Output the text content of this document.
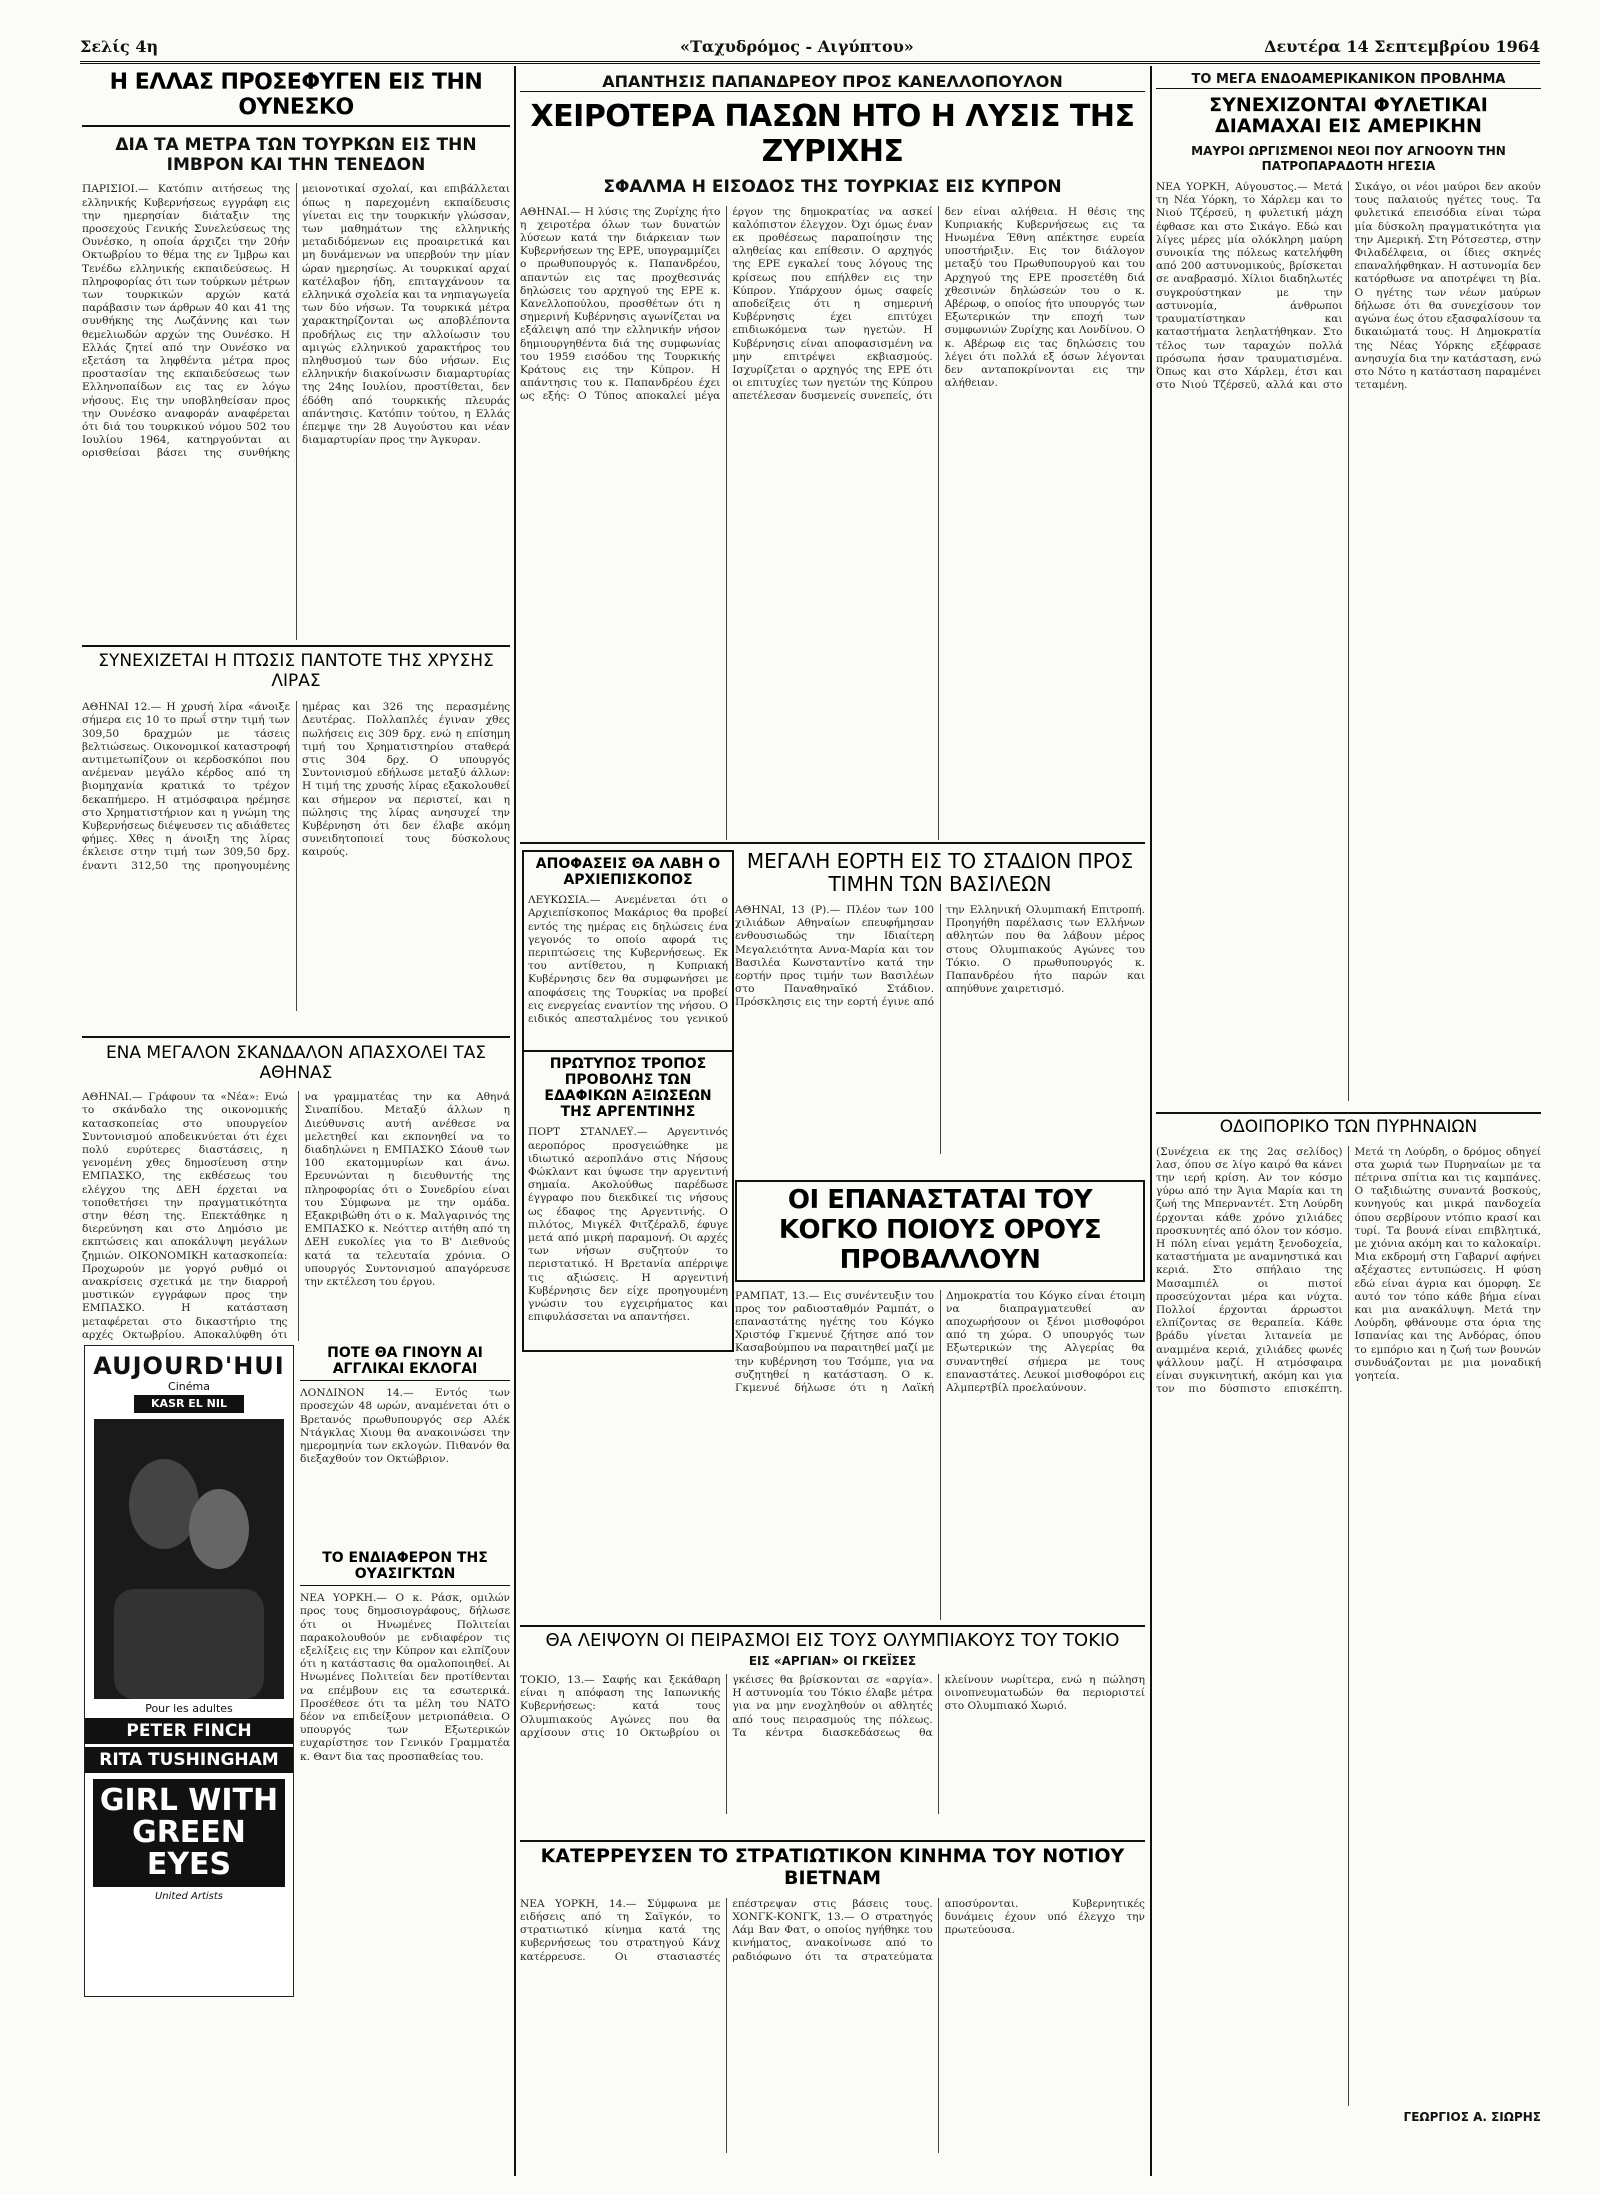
Σελίς 4η	«Ταχυδρόμος - Αιγύπτου»	Δευτέρα 14 Σεπτεμβρίου 1964
Η ΕΛΛΑΣ ΠΡΟΣΕΦΥΓΕΝ ΕΙΣ ΤΗΝ ΟΥΝΕΣΚΟ
ΔΙΑ ΤΑ ΜΕΤΡΑ ΤΩΝ ΤΟΥΡΚΩΝ ΕΙΣ ΤΗΝ ΙΜΒΡΟΝ ΚΑΙ ΤΗΝ ΤΕΝΕΔΟΝ

ΠΑΡΙΣΙΟΙ.— Κατόπιν αιτήσεως της ελληνικής Κυβερνήσεως εγγράφη εις την ημερησίαν διάταξιν της προσεχούς Γενικής Συνελεύσεως της Ουνέσκο, η οποία άρχιζει την 20ήν Οκτωβρίου το θέμα της εν Ίμβρω και Τενέδω ελληνικής εκπαιδεύσεως. Η πληροφορίας ότι των τούρκων μέτρων των τουρκικών αρχών κατά παράβασιν των άρθρων 40 και 41 της συνθήκης της Λωζάννης και των θεμελιωδών αρχών της Ουνέσκο. Η Ελλάς ζητεί από την Ουνέσκο να εξετάση τα ληφθέντα μέτρα προς προστασίαν της εκπαιδεύσεως των Ελληνοπαίδων εις τας εν λόγω νήσους. Εις την υποβληθείσαν προς την Ουνέσκο αναφοράν αναφέρεται ότι διά του τουρκικού νόμου 502 του Ιουλίου 1964, κατηργούνται αι ορισθείσαι βάσει της συνθήκης μειονοτικαί σχολαί, και επιβάλλεται όπως η παρεχομένη εκπαίδευσις γίνεται εις την τουρκικήν γλώσσαν, των μαθημάτων της ελληνικής μεταδιδόμενων εις προαιρετικά και μη δυνάμενων να υπερβούν την μίαν ώραν ημερησίως. Αι τουρκικαί αρχαί κατέλαβον ήδη, επιταγχάνουν τα ελληνικά σχολεία και τα νηπιαγωγεία των δύο νήσων. Τα τουρκικά μέτρα χαρακτηρίζονται ως αποβλέποντα προδήλως εις την αλλοίωσιν του αμιγώς ελληνικού χαρακτήρος του πληθυσμού των δύο νήσων. Εις ελληνικήν διακοίνωσιν διαμαρτυρίας της 24ης Ιουλίου, προστίθεται, δεν έδόθη από τουρκικής πλευράς απάντησις. Κατόπιν τούτου, η Ελλάς έπεμψε την 28 Αυγούστου και νέαν διαμαρτυρίαν προς την Άγκυραν.

ΣΥΝΕΧΙΖΕΤΑΙ Η ΠΤΩΣΙΣ ΠΑΝΤΟΤΕ ΤΗΣ ΧΡΥΣΗΣ ΛΙΡΑΣ

ΑΘΗΝΑΙ 12.— Η χρυσή λίρα «άνοιξε σήμερα εις 10 το πρωΐ στην τιμή των 309,50 δραχμών με τάσεις βελτιώσεως. Οικονομικοί καταστροφή αντιμετωπίζουν οι κερδοσκόποι που ανέμεναν μεγάλο κέρδος από τη βιομηχανία κρατικά το τρέχον δεκαπήμερο. Η ατμόσφαιρα ηρέμησε στο Χρηματιστήριον και η γνώμη της Κυβερνήσεως διέψευσεν τις αδιάθετες φήμες. Χθες η άνοιξη της λίρας έκλεισε στην τιμή των 309,50 δρχ. έναντι 312,50 της προηγουμένης ημέρας και 326 της περασμένης Δευτέρας. Πολλαπλές έγιναν χθες πωλήσεις εις 309 δρχ. ενώ η επίσημη τιμή του Χρηματιστηρίου σταθερά στις 304 δρχ. Ο υπουργός Συντονισμού εδήλωσε μεταξύ άλλων: Η τιμή της χρυσής λίρας εξακολουθεί και σήμερον να περιστεί, και η πώλησις της λίρας ανησυχεί την Κυβέρνηση ότι δεν έλαβε ακόμη συνειδητοποιεί τους δύσκολους καιρούς.

ΕΝΑ ΜΕΓΑΛΟΝ ΣΚΑΝΔΑΛΟΝ ΑΠΑΣΧΟΛΕΙ ΤΑΣ ΑΘΗΝΑΣ

ΑΘΗΝΑΙ.— Γράφουν τα «Νέα»: Ενώ το σκάνδαλο της οικονομικής κατασκοπείας στο υπουργείον Συντονισμού αποδεικνύεται ότι έχει πολύ ευρύτερες διαστάσεις, η γενομένη χθες δημοσίευση στην ΕΜΠΑΣΚΟ, της εκθέσεως του ελέγχου της ΔΕΗ έρχεται να τοποθετήσει την πραγματικότητα στην θέση της. Επεκτάθηκε η διερεύνηση και στο Δημόσιο με εκπτώσεις και αποκάλυψη μεγάλων ζημιών. ΟΙΚΟΝΟΜΙΚΗ κατασκοπεία: Προχωρούν με γοργό ρυθμό οι ανακρίσεις σχετικά με την διαρροή μυστικών εγγράφων προς την ΕΜΠΑΣΚΟ. Η κατάσταση μεταφέρεται στο δικαστήριο της αρχές Οκτωβρίου. Αποκαλύφθη ότι

να γραμματέας την κα Αθηνά Σιναπίδου. Μεταξύ άλλων η Διεύθυνσις αυτή ανέθεσε να μελετηθεί και εκπονηθεί να το διαδηλώνει η ΕΜΠΑΣΚΟ Σάουθ των 100 εκατομμυρίων και άνω. Ερευνώνται η διευθυντής της πληροφορίας ότι ο Συνεδρίου είναι του Σύμφωνα με την ομάδα. Εξακριβώθη ότι ο κ. Μαλγαρινός της ΕΜΠΑΣΚΟ κ. Νεόττερ αιτήθη από τη ΔΕΗ ευκολίες για το Β' Διεθνούς κατά τα τελευταία χρόνια. Ο υπουργός Συντονισμού απαγόρευσε την εκτέλεση του έργου.

AUJOURD'HUI
Cinéma
KASR EL NIL
Pour les adultes
PETER FINCH
RITA TUSHINGHAM
GIRL WITH GREEN EYES
United Artists
ΠΟΤΕ ΘΑ ΓΙΝΟΥΝ ΑΙ ΑΓΓΛΙΚΑΙ ΕΚΛΟΓΑΙ

ΛΟΝΔΙΝΟΝ 14.— Εντός των προσεχών 48 ωρών, αναμένεται ότι ο Βρετανός πρωθυπουργός σερ Αλέκ Ντάγκλας Χιουμ θα ανακοινώσει την ημερομηνία των εκλογών. Πιθανόν θα διεξαχθούν τον Οκτώβριον.

ΤΟ ΕΝΔΙΑΦΕΡΟΝ ΤΗΣ ΟΥΑΣΙΓΚΤΩΝ

ΝΕΑ ΥΟΡΚΗ.— Ο κ. Ράσκ, ομιλών προς τους δημοσιογράφους, δήλωσε ότι οι Ηνωμένες Πολιτείαι παρακολουθούν με ενδιαφέρον τις εξελίξεις εις την Κύπρον και ελπίζουν ότι η κατάστασις θα ομαλοποιηθεί. Αι Ηνωμένες Πολιτείαι δεν προτίθενται να επέμβουν εις τα εσωτερικά. Προσέθεσε ότι τα μέλη του ΝΑΤΟ δέον να επιδείξουν μετριοπάθεια. Ο υπουργός των Εξωτερικών ευχαρίστησε τον Γενικόν Γραμματέα κ. Θαντ δια τας προσπαθείας του.

ΑΠΑΝΤΗΣΙΣ ΠΑΠΑΝΔΡΕΟΥ ΠΡΟΣ ΚΑΝΕΛΛΟΠΟΥΛΟΝ
ΧΕΙΡΟΤΕΡΑ ΠΑΣΩΝ ΗΤΟ Η ΛΥΣΙΣ ΤΗΣ ΖΥΡΙΧΗΣ
ΣΦΑΛΜΑ Η ΕΙΣΟΔΟΣ ΤΗΣ ΤΟΥΡΚΙΑΣ ΕΙΣ ΚΥΠΡΟΝ

ΑΘΗΝΑΙ.— Η λύσις της Ζυρίχης ήτο η χειροτέρα όλων των δυνατών λύσεων κατά την διάρκειαν των Κυβερνήσεων της ΕΡΕ, υπογραμμίζει ο πρωθυπουργός κ. Παπανδρέου, απαντών εις τας προχθεσινάς δηλώσεις του αρχηγού της ΕΡΕ κ. Κανελλοπούλου, προσθέτων ότι η σημερινή Κυβέρνησις αγωνίζεται να εξάλειψη από την ελληνικήν νήσον δημιουργηθέντα διά της συμφωνίας του 1959 εισόδου της Τουρκικής Κράτους εις την Κύπρον. Η απάντησις του κ. Παπανδρέου έχει ως εξής: Ο Τύπος αποκαλεί μέγα έργον της δημοκρατίας να ασκεί καλόπιστον έλεγχον. Όχι όμως έναν εκ προθέσεως παραποίησιν της αληθείας και επίθεσιν. Ο αρχηγός της ΕΡΕ εγκαλεί τους λόγους της κρίσεως που επήλθεν εις την Κύπρον. Υπάρχουν όμως σαφείς αποδείξεις ότι η σημερινή Κυβέρνησις έχει επιτύχει επιδιωκόμενα των ηγετών. Η Κυβέρνησις είναι αποφασισμένη να μην επιτρέψει εκβιασμούς. Ισχυρίζεται ο αρχηγός της ΕΡΕ ότι οι επιτυχίες των ηγετών της Κύπρου απετέλεσαν δυσμενείς συνεπείς, ότι δεν είναι αλήθεια. Η θέσις της Κυπριακής Κυβερνήσεως εις τα Ηνωμένα Έθνη απέκτησε ευρεία υποστήριξιν. Εις τον διάλογον μεταξύ του Πρωθυπουργού και του Αρχηγού της ΕΡΕ προσετέθη διά χθεσινών δηλώσεών του ο κ. Αβέρωφ, ο οποίος ήτο υπουργός των Εξωτερικών την εποχή των συμφωνιών Ζυρίχης και Λονδίνου. Ο κ. Αβέρωφ εις τας δηλώσεις του λέγει ότι πολλά εξ όσων λέγονται δεν ανταποκρίνονται εις την αλήθειαν.

ΑΠΟΦΑΣΕΙΣ ΘΑ ΛΑΒΗ Ο ΑΡΧΙΕΠΙΣΚΟΠΟΣ

ΛΕΥΚΩΣΙΑ.— Ανεμένεται ότι ο Αρχιεπίσκοπος Μακάριος θα προβεί εντός της ημέρας εις δηλώσεις ένα γεγονός το οποίο αφορά τις περιπτώσεις της Κυβερνήσεως. Εκ του αντίθετου, η Κυπριακή Κυβέρνησις δεν θα συμφωνήσει με αποφάσεις της Τουρκίας να προβεί εις ενεργείας εναντίον της νήσου. Ο ειδικός απεσταλμένος του γενικού

ΠΡΩΤΥΠΟΣ ΤΡΟΠΟΣ ΠΡΟΒΟΛΗΣ ΤΩΝ ΕΔΑΦΙΚΩΝ ΑΞΙΩΣΕΩΝ ΤΗΣ ΑΡΓΕΝΤΙΝΗΣ

ΠΟΡΤ ΣΤΑΝΛΕΫ.— Αργεντινός αεροπόρος προσγειώθηκε με ιδιωτικό αεροπλάνο στις Νήσους Φώκλαντ και ύψωσε την αργεντινή σημαία. Ακολούθως παρέδωσε έγγραφο που διεκδικεί τις νήσους ως έδαφος της Αργεντινής. Ο πιλότος, Μιγκέλ Φιτζέραλδ, έφυγε μετά από μικρή παραμονή. Οι αρχές των νήσων συζητούν το περιστατικό. Η Βρετανία απέρριψε τις αξιώσεις. Η αργεντινή Κυβέρνησις δεν είχε προηγουμένη γνώσιν του εγχειρήματος και επιφυλάσσεται να απαντήσει.

ΜΕΓΑΛΗ ΕΟΡΤΗ ΕΙΣ ΤΟ ΣΤΑΔΙΟΝ ΠΡΟΣ ΤΙΜΗΝ ΤΩΝ ΒΑΣΙΛΕΩΝ

ΑΘΗΝΑΙ, 13 (Ρ).— Πλέον των 100 χιλιάδων Αθηναίων επευφήμησαν ενθουσιωδώς την Ιδιαίτερη Μεγαλειότητα Αννα-Μαρία και τον Βασιλέα Κωνσταντίνο κατά την εορτήν προς τιμήν των Βασιλέων στο Παναθηναϊκό Στάδιον. Πρόσκλησις εις την εορτή έγινε από την Ελληνική Ολυμπιακή Επιτροπή. Προηγήθη παρέλασις των Ελλήνων αθλητών που θα λάβουν μέρος στους Ολυμπιακούς Αγώνες του Τόκιο. Ο πρωθυπουργός κ. Παπανδρέου ήτο παρών και απηύθυνε χαιρετισμό.

ΟΙ ΕΠΑΝΑΣΤΑΤΑΙ ΤΟΥ ΚΟΓΚΟ ΠΟΙΟΥΣ ΟΡΟΥΣ ΠΡΟΒΑΛΛΟΥΝ

ΡΑΜΠΑΤ, 13.— Εις συνέντευξιν του προς τον ραδιοσταθμόν Ραμπάτ, ο επαναστάτης ηγέτης του Κόγκο Χριστόφ Γκμενυέ ζήτησε από τον Κασαβούμπου να παραιτηθεί μαζί με την κυβέρνηση του Τσόμπε, για να συζητηθεί η κατάσταση. Ο κ. Γκμενυέ δήλωσε ότι η Λαϊκή Δημοκρατία του Κόγκο είναι έτοιμη να διαπραγματευθεί αν αποχωρήσουν οι ξένοι μισθοφόροι από τη χώρα. Ο υπουργός των Εξωτερικών της Αλγερίας θα συναντηθεί σήμερα με τους επαναστάτες. Λευκοί μισθοφόροι εις Αλμπερτβίλ προελαύνουν.

ΘΑ ΛΕΙΨΟΥΝ ΟΙ ΠΕΙΡΑΣΜΟΙ ΕΙΣ ΤΟΥΣ ΟΛΥΜΠΙΑΚΟΥΣ ΤΟΥ ΤΟΚΙΟ
ΕΙΣ «ΑΡΓΙΑΝ» ΟΙ ΓΚΕΪΣΕΣ

ΤΟΚΙΟ, 13.— Σαφής και ξεκάθαρη είναι η απόφαση της Ιαπωνικής Κυβερνήσεως: κατά τους Ολυμπιακούς Αγώνες που θα αρχίσουν στις 10 Οκτωβρίου οι γκέισες θα βρίσκονται σε «αργία». Η αστυνομία του Τόκιο έλαβε μέτρα για να μην ενοχληθούν οι αθλητές από τους πειρασμούς της πόλεως. Τα κέντρα διασκεδάσεως θα κλείνουν νωρίτερα, ενώ η πώληση οινοπνευματωδών θα περιοριστεί στο Ολυμπιακό Χωριό.

ΚΑΤΕΡΡΕΥΣΕΝ ΤΟ ΣΤΡΑΤΙΩΤΙΚΟΝ ΚΙΝΗΜΑ ΤΟΥ ΝΟΤΙΟΥ ΒΙΕΤΝΑΜ

ΝΕΑ ΥΟΡΚΗ, 14.— Σύμφωνα με ειδήσεις από τη Σαϊγκόν, το στρατιωτικό κίνημα κατά της κυβερνήσεως του στρατηγού Κάνχ κατέρρευσε. Οι στασιαστές επέστρεψαν στις βάσεις τους. ΧΟΝΓΚ-ΚΟΝΓΚ, 13.— Ο στρατηγός Λάμ Βαν Φατ, ο οποίος ηγήθηκε του κινήματος, ανακοίνωσε από το ραδιόφωνο ότι τα στρατεύματα αποσύρονται. Κυβερνητικές δυνάμεις έχουν υπό έλεγχο την πρωτεύουσα.

ΤΟ ΜΕΓΑ ΕΝΔΟΑΜΕΡΙΚΑΝΙΚΟΝ ΠΡΟΒΛΗΜΑ
ΣΥΝΕΧΙΖΟΝΤΑΙ ΦΥΛΕΤΙΚΑΙ ΔΙΑΜΑΧΑΙ ΕΙΣ ΑΜΕΡΙΚΗΝ
ΜΑΥΡΟΙ ΩΡΓΙΣΜΕΝΟΙ ΝΕΟΙ ΠΟΥ ΑΓΝΟΟΥΝ ΤΗΝ ΠΑΤΡΟΠΑΡΑΔΟΤΗ ΗΓΕΣΙΑ

ΝΕΑ ΥΟΡΚΗ, Αύγουστος.— Μετά τη Νέα Υόρκη, το Χάρλεμ και το Νιού Τζέρσεϋ, η φυλετική μάχη έφθασε και στο Σικάγο. Εδώ και λίγες μέρες μία ολόκληρη μαύρη συνοικία της πόλεως κατελήφθη από 200 αστυνομικούς, βρίσκεται σε αναβρασμό. Χίλιοι διαδηλωτές συγκρούστηκαν με την αστυνομία, άνθρωποι τραυματίστηκαν και καταστήματα λεηλατήθηκαν. Στο τέλος των ταραχών πολλά πρόσωπα ήσαν τραυματισμένα. Όπως και στο Χάρλεμ, έτσι και στο Νιού Τζέρσεϋ, αλλά και στο Σικάγο, οι νέοι μαύροι δεν ακούν τους παλαιούς ηγέτες τους. Τα φυλετικά επεισόδια είναι τώρα μία δύσκολη πραγματικότητα για την Αμερική. Στη Ρότσεστερ, στην Φιλαδέλφεια, οι ίδιες σκηνές επαναλήφθηκαν. Η αστυνομία δεν κατόρθωσε να αποτρέψει τη βία. Ο ηγέτης των νέων μαύρων δήλωσε ότι θα συνεχίσουν τον αγώνα έως ότου εξασφαλίσουν τα δικαιώματά τους. Η Δημοκρατία της Νέας Υόρκης εξέφρασε ανησυχία δια την κατάσταση, ενώ στο Νότο η κατάσταση παραμένει τεταμένη.

ΟΔΟΙΠΟΡΙΚΟ ΤΩΝ ΠΥΡΗΝΑΙΩΝ

(Συνέχεια εκ της 2ας σελίδος) λασ, όπου σε λίγο καιρό θα κάνει την ιερή κρίση. Αν τον κόσμο γύρω από την Άγια Μαρία και τη ζωή της Μπερναντέτ. Στη Λούρδη έρχονται κάθε χρόνο χιλιάδες προσκυνητές από όλον τον κόσμο. Η πόλη είναι γεμάτη ξενοδοχεία, καταστήματα με αναμνηστικά και κεριά. Στο σπήλαιο της Μασαμπιέλ οι πιστοί προσεύχονται μέρα και νύχτα. Πολλοί έρχονται άρρωστοι ελπίζοντας σε θεραπεία. Κάθε βράδυ γίνεται λιτανεία με αναμμένα κεριά, χιλιάδες φωνές ψάλλουν μαζί. Η ατμόσφαιρα είναι συγκινητική, ακόμη και για τον πιο δύσπιστο επισκέπτη. Μετά τη Λούρδη, ο δρόμος οδηγεί στα χωριά των Πυρηναίων με τα πέτρινα σπίτια και τις καμπάνες. Ο ταξιδιώτης συναντά βοσκούς, κυνηγούς και μικρά πανδοχεία όπου σερβίρουν ντόπιο κρασί και τυρί. Τα βουνά είναι επιβλητικά, με χιόνια ακόμη και το καλοκαίρι. Μια εκδρομή στη Γαβαρνί αφήνει αξέχαστες εντυπώσεις. Η φύση εδώ είναι άγρια και όμορφη. Σε αυτό τον τόπο κάθε βήμα είναι και μια ανακάλυψη. Μετά την Λούρδη, φθάνουμε στα όρια της Ισπανίας και της Ανδόρας, όπου το εμπόριο και η ζωή των βουνών συνδυάζονται με μια μοναδική γοητεία.

ΓΕΩΡΓΙΟΣ Α. ΣΙΩΡΗΣ
